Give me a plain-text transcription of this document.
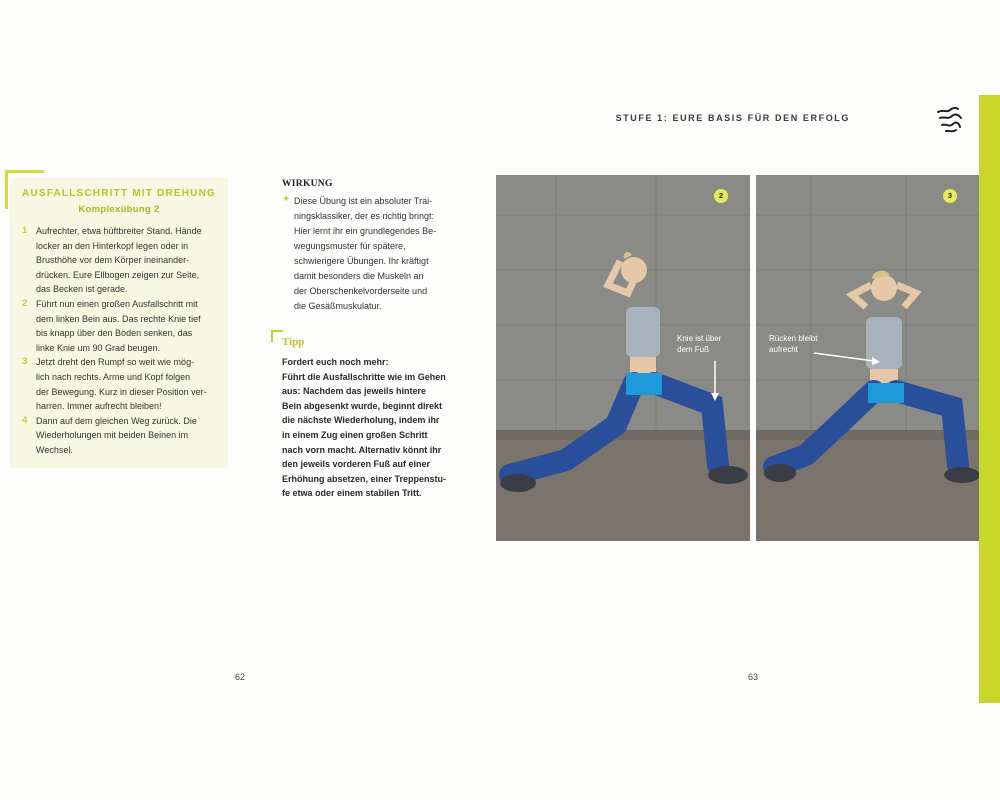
STUFE 1: EURE BASIS FÜR DEN ERFOLG
AUSFALLSCHRITT MIT DREHUNG
Komplexübung 2
1 Aufrechter, etwa hüftbreiter Stand. Hände
locker an den Hinterkopf legen oder in
Brusthöhe vor dem Körper ineinander-
drücken. Eure Ellbogen zeigen zur Seite,
das Becken ist gerade.
2 Führt nun einen großen Ausfallschritt mit
dem linken Bein aus. Das rechte Knie tief
bis knapp über den Boden senken, das
linke Knie um 90 Grad beugen.
3 Jetzt dreht den Rumpf so weit wie mög-
lich nach rechts. Arme und Kopf folgen
der Bewegung. Kurz in dieser Position ver-
harren. Immer aufrecht bleiben!
4 Dann auf dem gleichen Weg zurück. Die
Wiederholungen mit beiden Beinen im
Wechsel.
WIRKUNG
✦ Diese Übung ist ein absoluter Trai-
ningsklassiker, der es richtig bringt:
Hier lernt ihr ein grundlegendes Be-
wegungsmuster für spätere,
schwierigere Übungen. Ihr kräftigt
damit besonders die Muskeln an
der Oberschenkelvorderseite und
die Gesäßmuskulatur.
Tipp
Fordert euch noch mehr:
Führt die Ausfallschritte wie im Gehen
aus: Nachdem das jeweils hintere
Bein abgesenkt wurde, beginnt direkt
die nächste Wiederholung, indem ihr
in einem Zug einen großen Schritt
nach vorn macht. Alternativ könnt ihr
den jeweils vorderen Fuß auf einer
Erhöhung absetzen, einer Treppenstu-
fe etwa oder einem stabilen Tritt.
62
2
Knie ist über
dem Fuß
3
Rücken bleibt
aufrecht
63
